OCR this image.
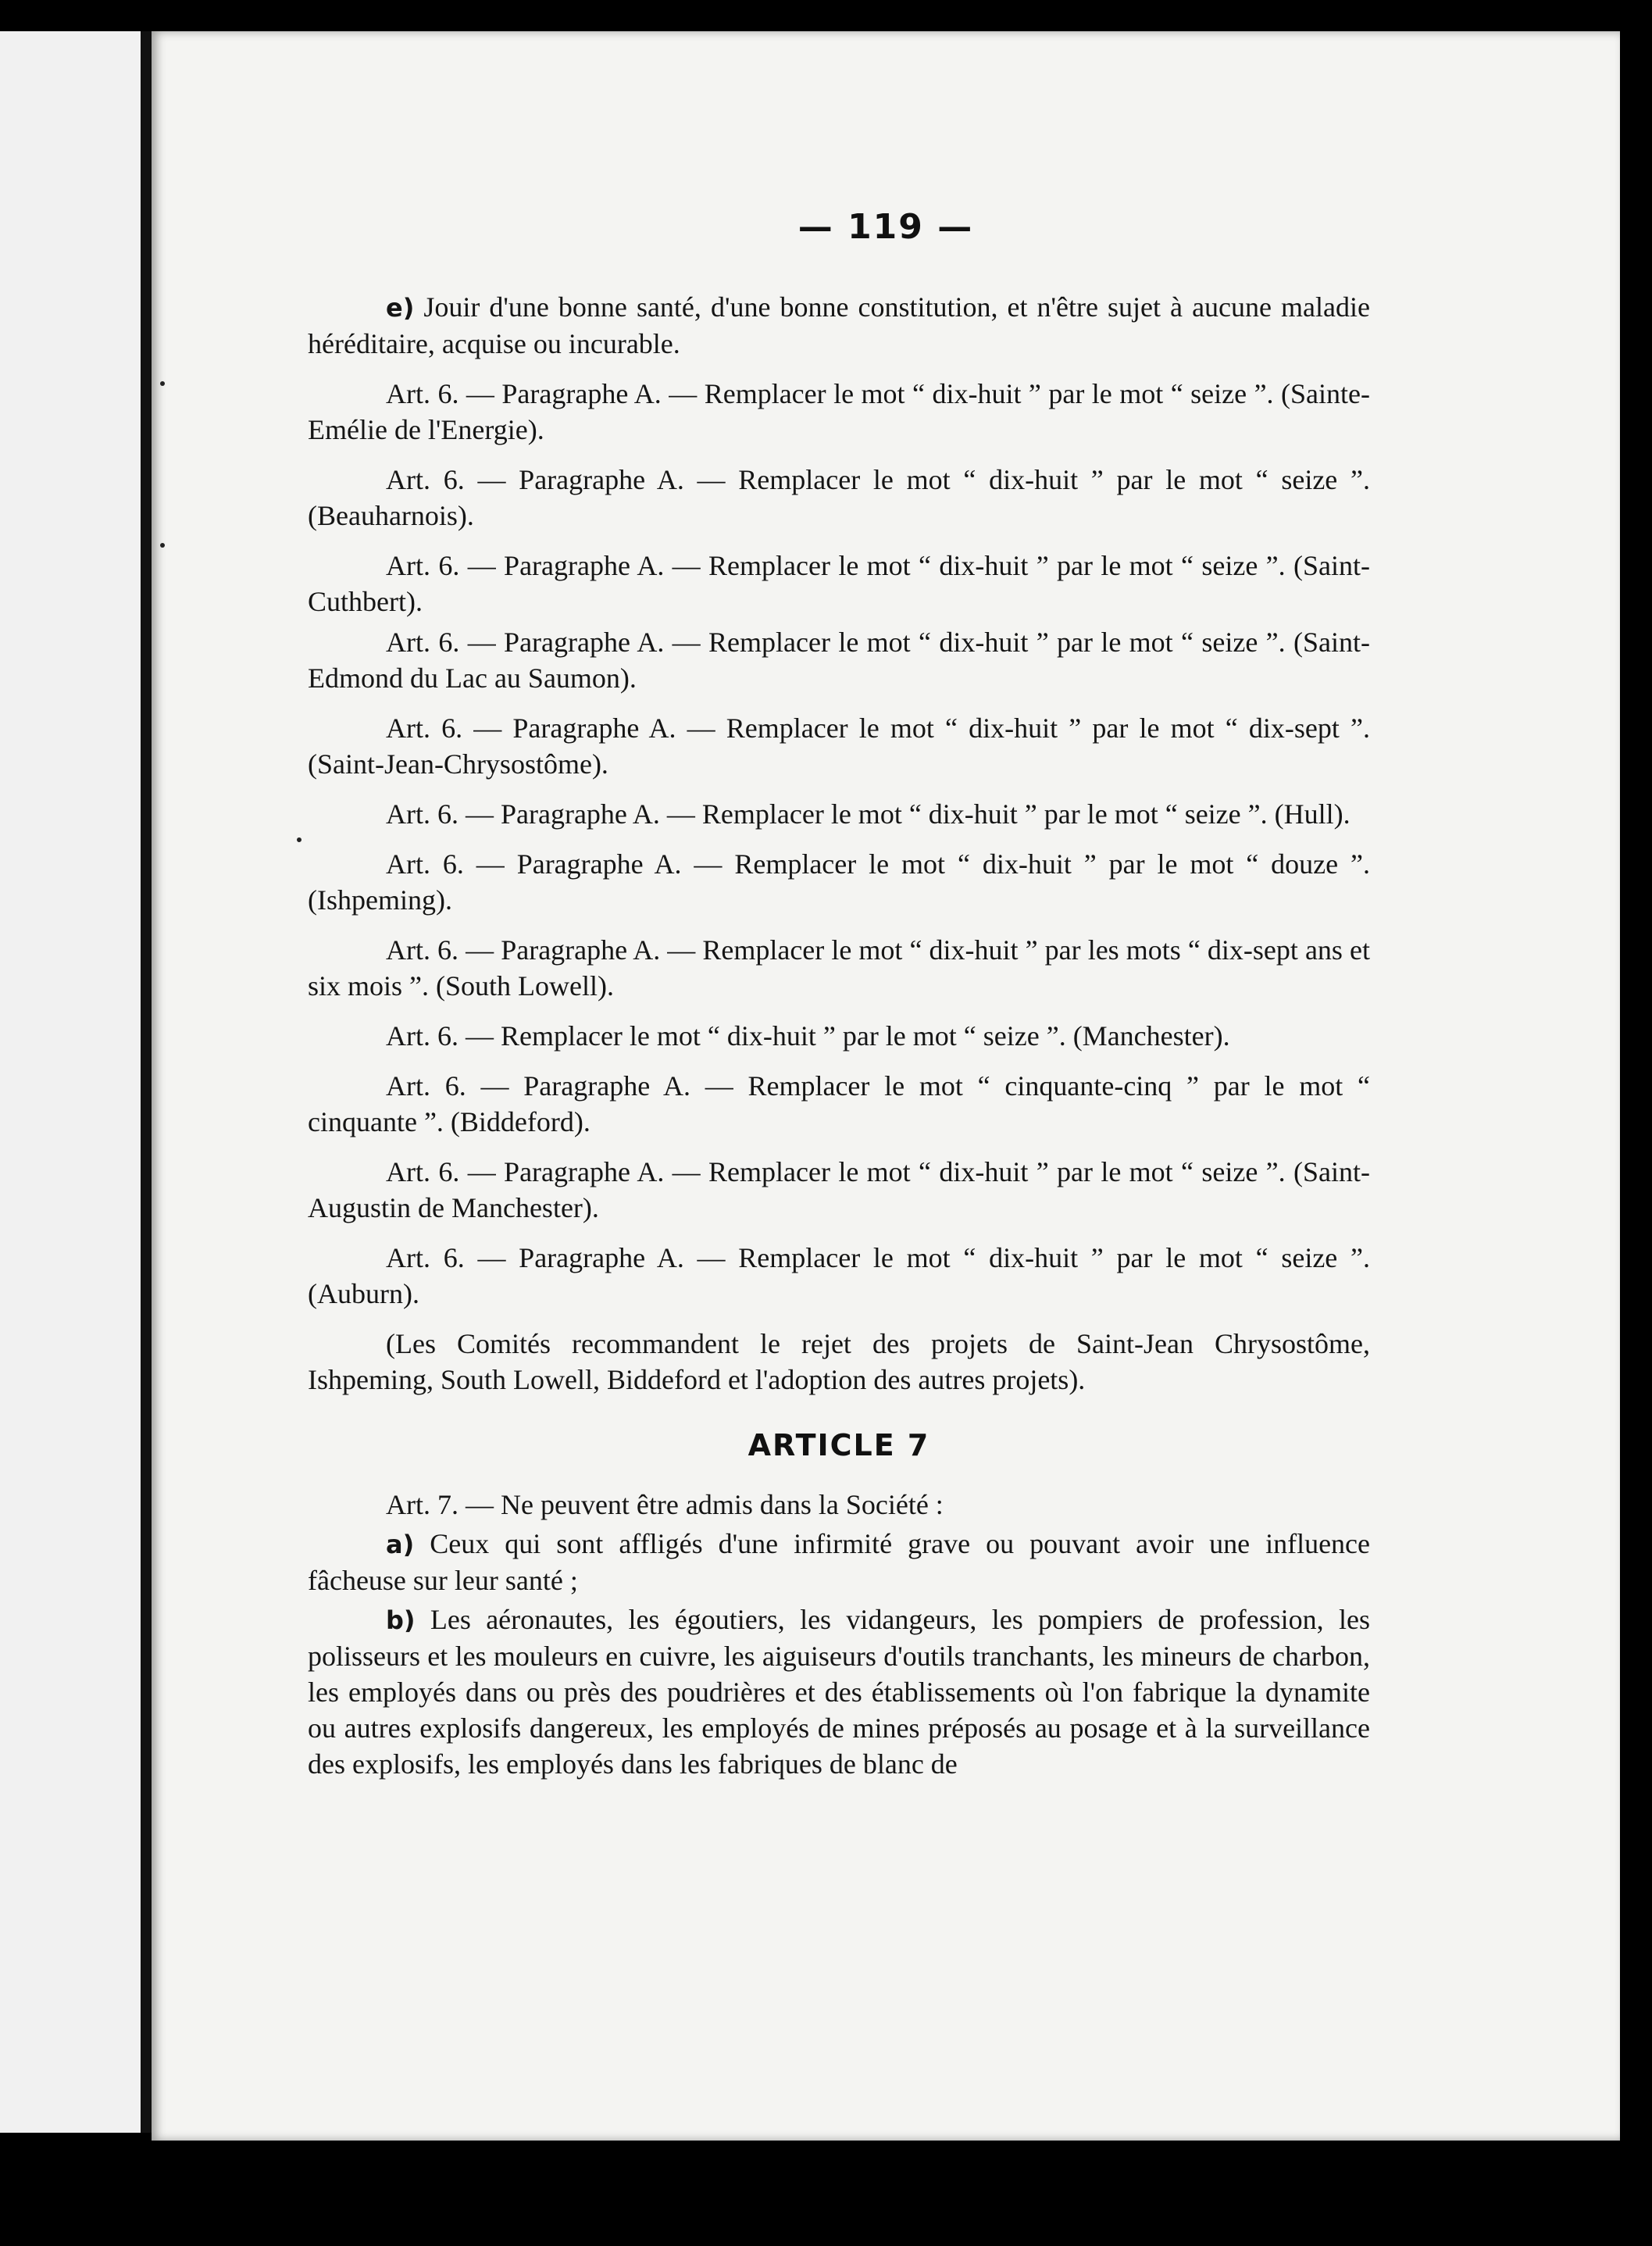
— 119 —

e) Jouir d'une bonne santé, d'une bonne constitution, et n'être sujet à aucune maladie héréditaire, acquise ou incurable.

Art. 6. — Paragraphe A. — Remplacer le mot “ dix-huit ” par le mot “ seize ”. (Sainte-Emélie de l'Energie).

Art. 6. — Paragraphe A. — Remplacer le mot “ dix-huit ” par le mot “ seize ”. (Beauharnois).

Art. 6. — Paragraphe A. — Remplacer le mot “ dix-huit ” par le mot “ seize ”. (Saint-Cuthbert).

Art. 6. — Paragraphe A. — Remplacer le mot “ dix-huit ” par le mot “ seize ”. (Saint-Edmond du Lac au Saumon).

Art. 6. — Paragraphe A. — Remplacer le mot “ dix-huit ” par le mot “ dix-sept ”. (Saint-Jean-Chrysostôme).

Art. 6. — Paragraphe A. — Remplacer le mot “ dix-huit ” par le mot “ seize ”. (Hull).

Art. 6. — Paragraphe A. — Remplacer le mot “ dix-huit ” par le mot “ douze ”. (Ishpeming).

Art. 6. — Paragraphe A. — Remplacer le mot “ dix-huit ” par les mots “ dix-sept ans et six mois ”. (South Lowell).

Art. 6. — Remplacer le mot “ dix-huit ” par le mot “ seize ”. (Manchester).

Art. 6. — Paragraphe A. — Remplacer le mot “ cinquante-cinq ” par le mot “ cinquante ”. (Biddeford).

Art. 6. — Paragraphe A. — Remplacer le mot “ dix-huit ” par le mot “ seize ”. (Saint-Augustin de Manchester).

Art. 6. — Paragraphe A. — Remplacer le mot “ dix-huit ” par le mot “ seize ”. (Auburn).

(Les Comités recommandent le rejet des projets de Saint-Jean Chrysostôme, Ishpeming, South Lowell, Biddeford et l'adoption des autres projets).

ARTICLE 7

Art. 7. — Ne peuvent être admis dans la Société :

a) Ceux qui sont affligés d'une infirmité grave ou pouvant avoir une influence fâcheuse sur leur santé ;

b) Les aéronautes, les égoutiers, les vidangeurs, les pompiers de profession, les polisseurs et les mouleurs en cuivre, les aiguiseurs d'outils tranchants, les mineurs de charbon, les employés dans ou près des poudrières et des établissements où l'on fabrique la dynamite ou autres explosifs dangereux, les employés de mines préposés au posage et à la surveillance des explosifs, les employés dans les fabriques de blanc de
